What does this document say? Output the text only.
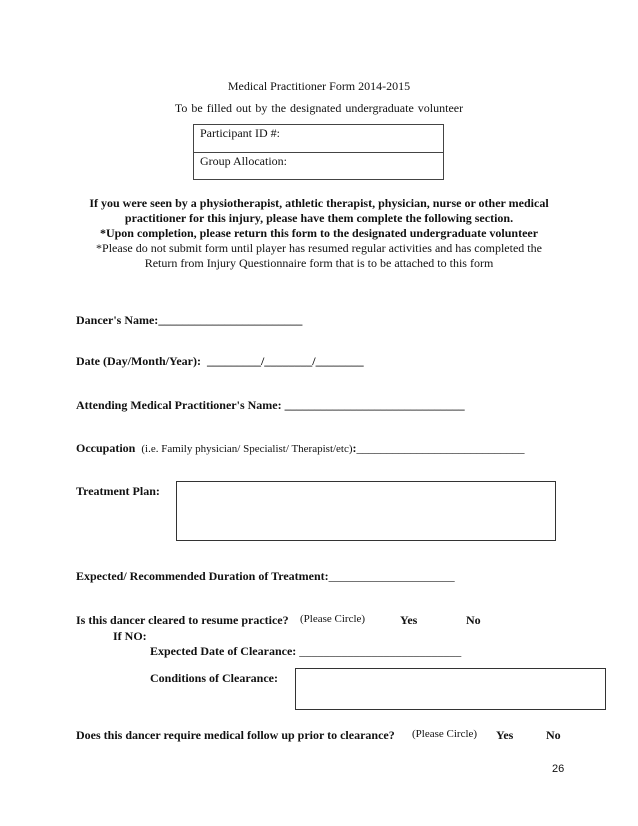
Medical Practitioner Form 2014-2015
To be filled out by the designated undergraduate volunteer
Participant ID #:
Group Allocation:
If you were seen by a physiotherapist, athletic therapist, physician, nurse or other medical
practitioner for this injury, please have them complete the following section.
*Upon completion, please return this form to the designated undergraduate volunteer
*Please do not submit form until player has resumed regular activities and has completed the
Return from Injury Questionnaire form that is to be attached to this form
Dancer's Name:________________________
Date (Day/Month/Year): _________/________/________
Attending Medical Practitioner's Name: ______________________________
Occupation (i.e. Family physician/ Specialist/ Therapist/etc):____________________________
Treatment Plan:
Expected/ Recommended Duration of Treatment:_____________________
Is this dancer cleared to resume practice? (Please Circle)	Yes	No
If NO:
Expected Date of Clearance: ___________________________
Conditions of Clearance:
Does this dancer require medical follow up prior to clearance? (Please Circle) Yes	No
26
